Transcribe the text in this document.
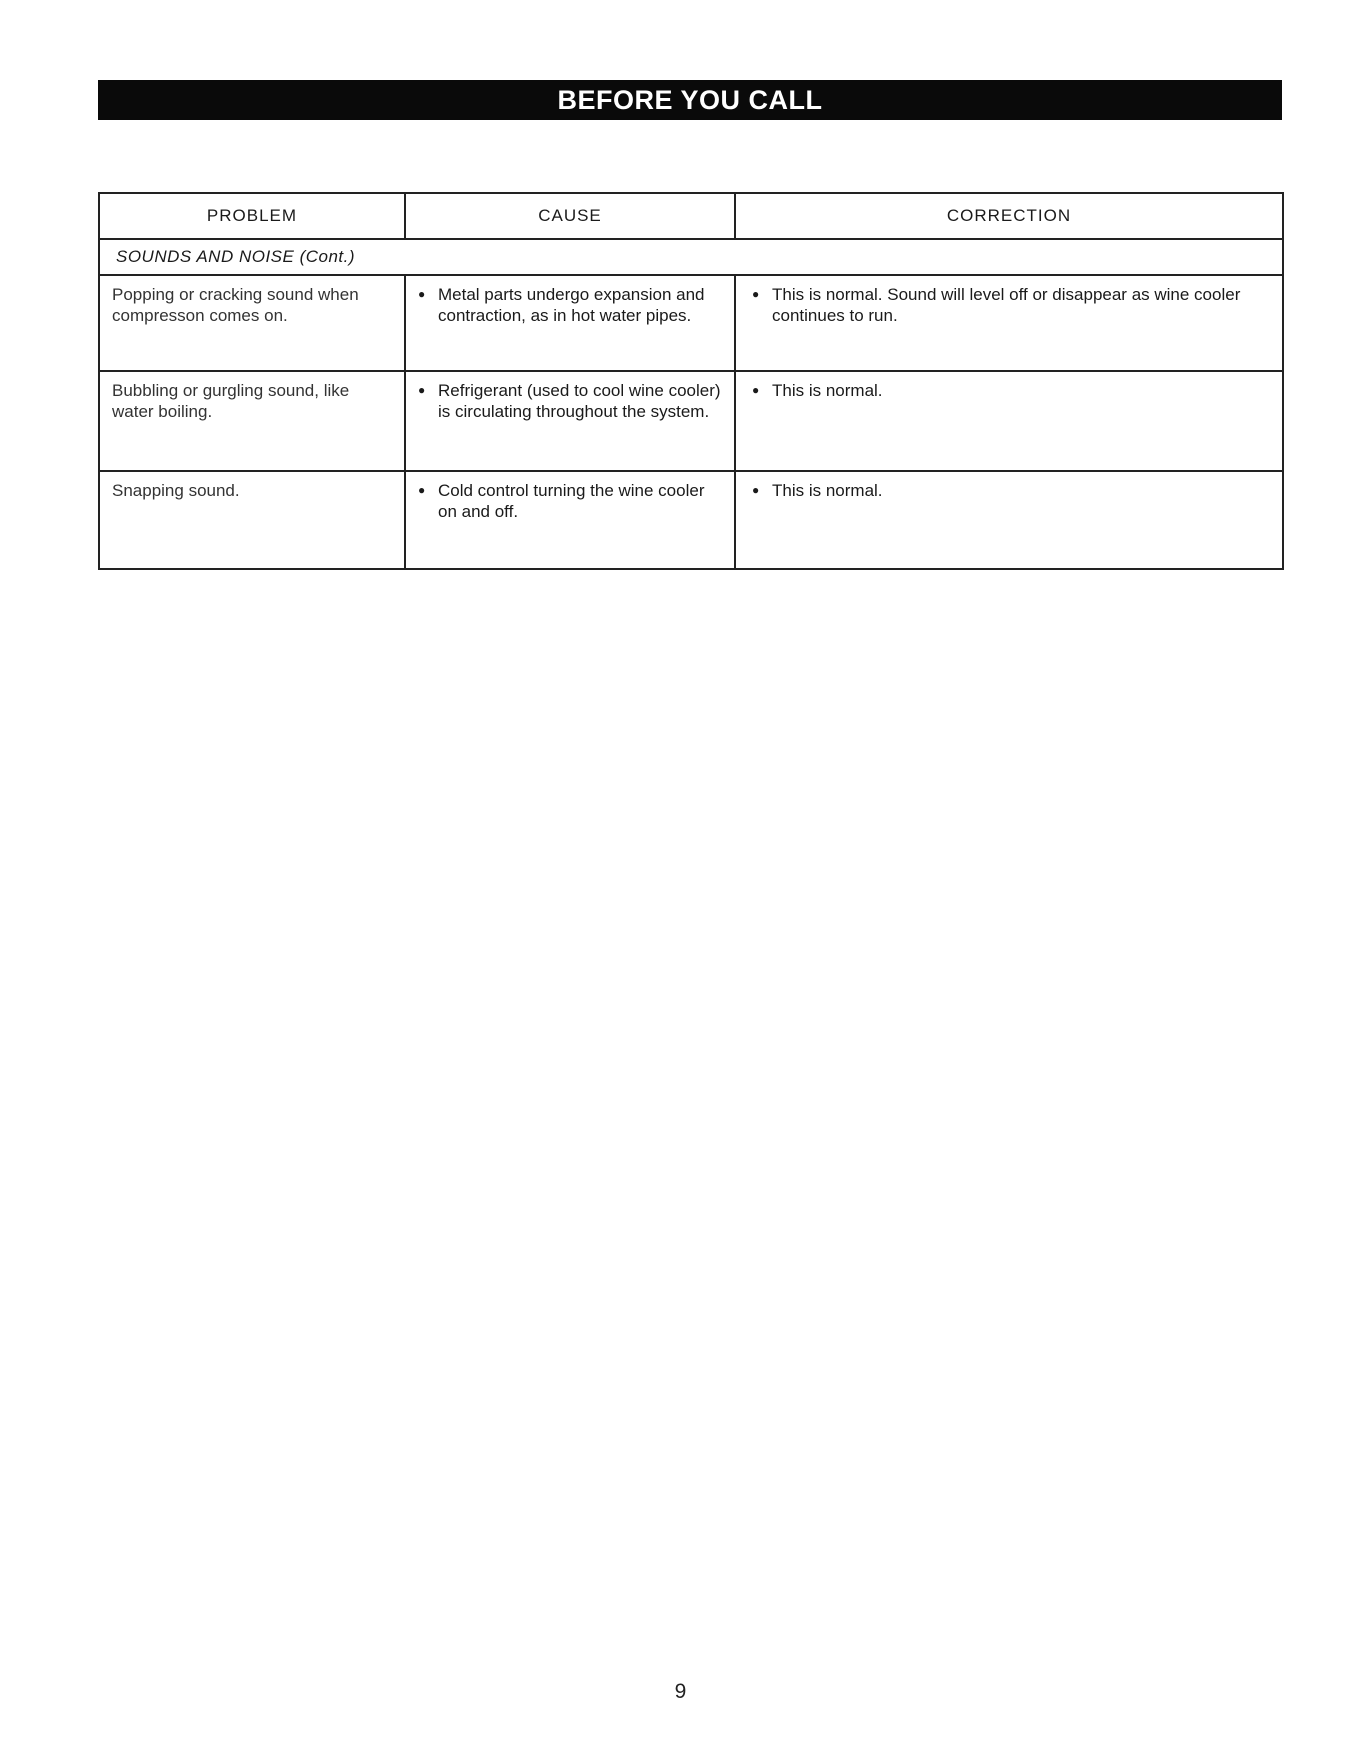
BEFORE YOU CALL
PROBLEM	CAUSE	CORRECTION
SOUNDS AND NOISE (Cont.)		
Popping or cracking sound when compresson comes on.	● Metal parts undergo expansion and contraction, as in hot water pipes.	● This is normal. Sound will level off or disappear as wine cooler continues to run.

Bubbling or gurgling sound, like water boiling.	● Refrigerant (used to cool wine cooler) is circulating throughout the system.	● This is normal.

Snapping sound.	● Cold control turning the wine cooler on and off.	● This is normal.
9
